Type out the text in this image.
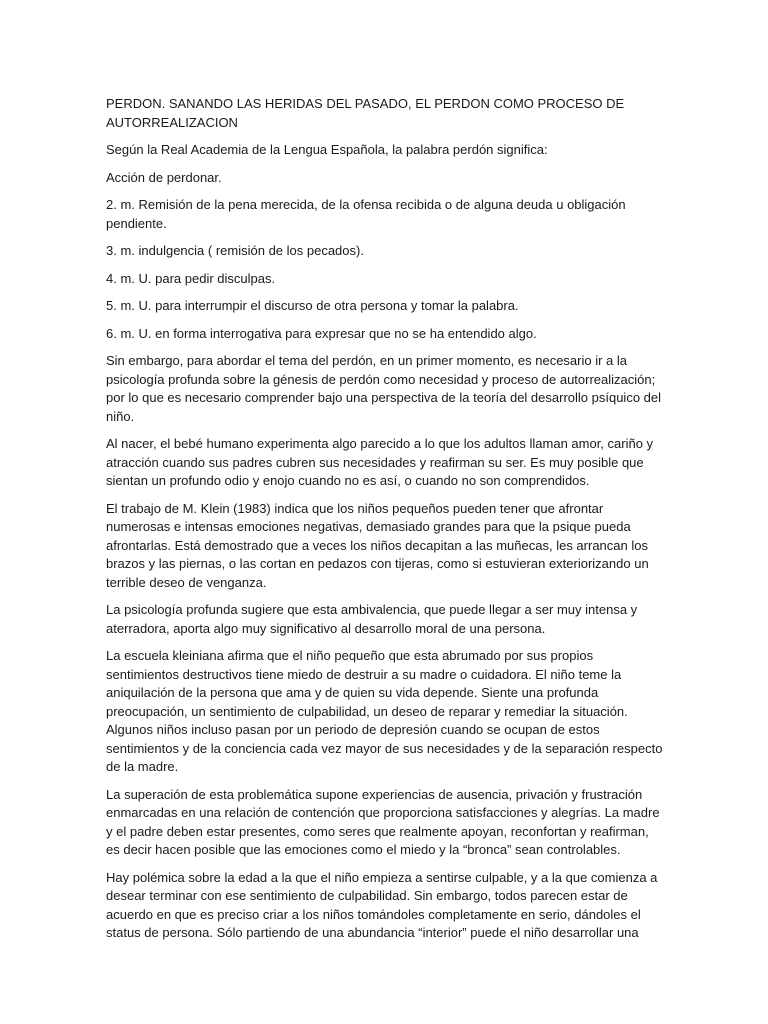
PERDON. SANANDO LAS HERIDAS DEL PASADO, EL PERDON COMO PROCESO DE AUTORREALIZACION

Según la Real Academia de la Lengua Española, la palabra perdón significa:

Acción de perdonar.

2. m. Remisión de la pena merecida, de la ofensa recibida o de alguna deuda u obligación pendiente.

3. m. indulgencia ( remisión de los pecados).

4. m. U. para pedir disculpas.

5. m. U. para interrumpir el discurso de otra persona y tomar la palabra.

6. m. U. en forma interrogativa para expresar que no se ha entendido algo.

Sin embargo, para abordar el tema del perdón, en un primer momento, es necesario ir a la psicología profunda sobre la génesis de perdón como necesidad y proceso de autorrealización; por lo que es necesario comprender bajo una perspectiva de la teoría del desarrollo psíquico del niño.

Al nacer, el bebé humano experimenta algo parecido a lo que los adultos llaman amor, cariño y atracción cuando sus padres cubren sus necesidades y reafirman su ser. Es muy posible que sientan un profundo odio y enojo cuando no es así, o cuando no son comprendidos.

El trabajo de M. Klein (1983) indica que los niños pequeños pueden tener que afrontar numerosas e intensas emociones negativas, demasiado grandes para que la psique pueda afrontarlas. Está demostrado que a veces los niños decapitan a las muñecas, les arrancan los brazos y las piernas, o las cortan en pedazos con tijeras, como si estuvieran exteriorizando un terrible deseo de venganza.

La psicología profunda sugiere que esta ambivalencia, que puede llegar a ser muy intensa y aterradora, aporta algo muy significativo al desarrollo moral de una persona.

La escuela kleiniana afirma que el niño pequeño que esta abrumado por sus propios sentimientos destructivos tiene miedo de destruir a su madre o cuidadora. El niño teme la aniquilación de la persona que ama y de quien su vida depende. Siente una profunda preocupación, un sentimiento de culpabilidad, un deseo de reparar y remediar la situación. Algunos niños incluso pasan por un periodo de depresión cuando se ocupan de estos sentimientos y de la conciencia cada vez mayor de sus necesidades y de la separación respecto de la madre.

La superación de esta problemática supone experiencias de ausencia, privación y frustración enmarcadas en una relación de contención que proporciona satisfacciones y alegrías. La madre y el padre deben estar presentes, como seres que realmente apoyan, reconfortan y reafirman, es decir hacen posible que las emociones como el miedo y la “bronca” sean controlables.

Hay polémica sobre la edad a la que el niño empieza a sentirse culpable, y a la que comienza a desear terminar con ese sentimiento de culpabilidad. Sin embargo, todos parecen estar de acuerdo en que es preciso criar a los niños tomándoles completamente en serio, dándoles el status de persona. Sólo partiendo de una abundancia “interior” puede el niño desarrollar una
